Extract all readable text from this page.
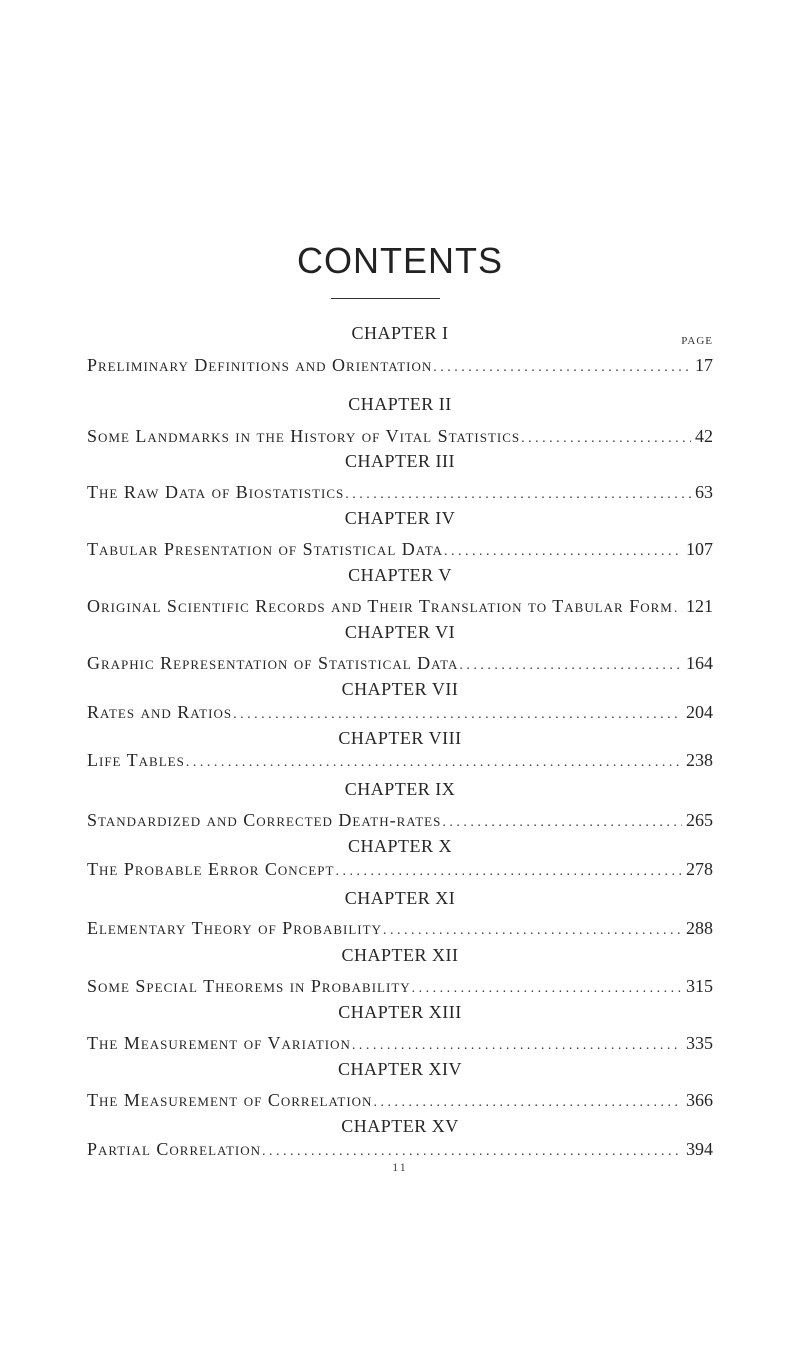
CONTENTS
PAGE
CHAPTER I
Preliminary Definitions and Orientation . . .	17
CHAPTER II
Some Landmarks in the History of Vital Statistics . . .	42
CHAPTER III
The Raw Data of Biostatistics . . .	63
CHAPTER IV
Tabular Presentation of Statistical Data . . .	107
CHAPTER V
Original Scientific Records and Their Translation to Tabular Form . . . 121
CHAPTER VI
Graphic Representation of Statistical Data . . .	164
CHAPTER VII
Rates and Ratios . . .	204
CHAPTER VIII
Life Tables . . .	238
CHAPTER IX
Standardized and Corrected Death-rates . . .	265
CHAPTER X
The Probable Error Concept . . .	278
CHAPTER XI
Elementary Theory of Probability . . .	288
CHAPTER XII
Some Special Theorems in Probability . . .	315
CHAPTER XIII
The Measurement of Variation . . .	335
CHAPTER XIV
The Measurement of Correlation . . .	366
CHAPTER XV
Partial Correlation . . .	394
11
